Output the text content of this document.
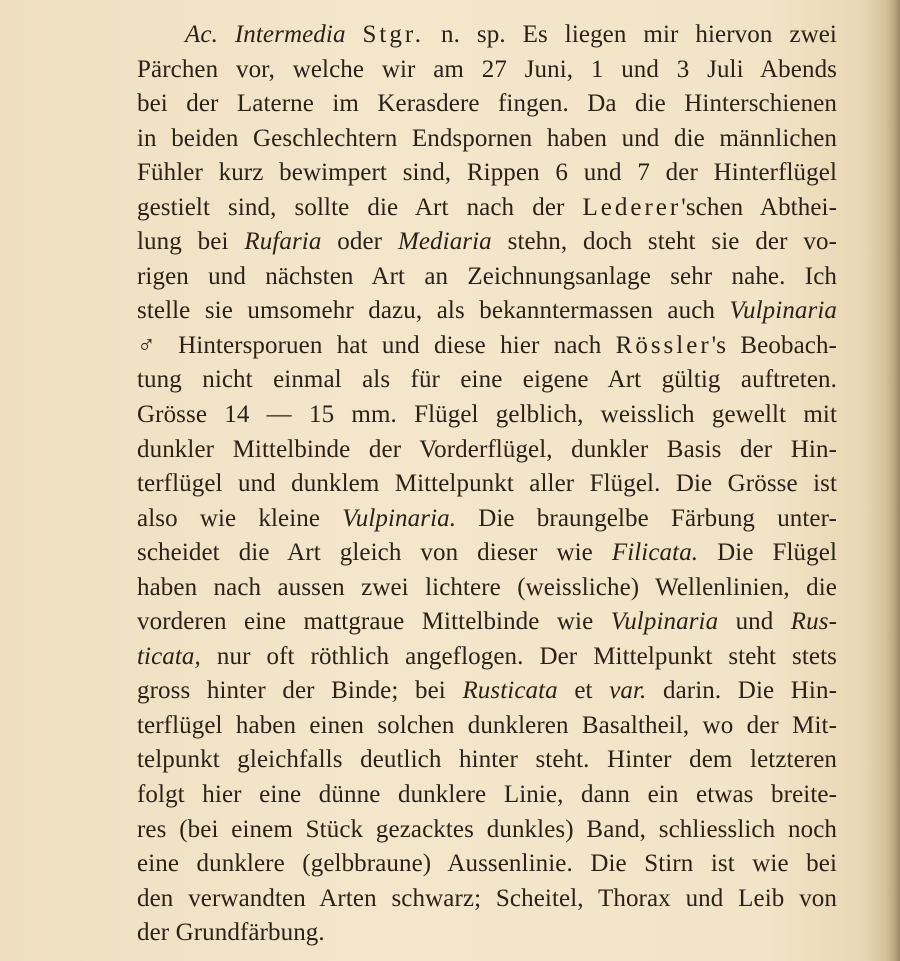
Ac. Intermedia Stgr. n. sp. Es liegen mir hiervon zwei
Pärchen vor, welche wir am 27 Juni, 1 und 3 Juli Abends
bei der Laterne im Kerasdere fingen. Da die Hinterschienen
in beiden Geschlechtern Endspornen haben und die männlichen
Fühler kurz bewimpert sind, Rippen 6 und 7 der Hinterflügel
gestielt sind, sollte die Art nach der Lederer'schen Abthei-
lung bei Rufaria oder Mediaria stehn, doch steht sie der vo-
rigen und nächsten Art an Zeichnungsanlage sehr nahe. Ich
stelle sie umsomehr dazu, als bekanntermassen auch Vulpinaria
♂ Hintersporuen hat und diese hier nach Rössler's Beobach-
tung nicht einmal als für eine eigene Art gültig auftreten.
Grösse 14 — 15 mm. Flügel gelblich, weisslich gewellt mit
dunkler Mittelbinde der Vorderflügel, dunkler Basis der Hin-
terflügel und dunklem Mittelpunkt aller Flügel. Die Grösse ist
also wie kleine Vulpinaria. Die braungelbe Färbung unter-
scheidet die Art gleich von dieser wie Filicata. Die Flügel
haben nach aussen zwei lichtere (weissliche) Wellenlinien, die
vorderen eine mattgraue Mittelbinde wie Vulpinaria und Rus-
ticata, nur oft röthlich angeflogen. Der Mittelpunkt steht stets
gross hinter der Binde; bei Rusticata et var. darin. Die Hin-
terflügel haben einen solchen dunkleren Basaltheil, wo der Mit-
telpunkt gleichfalls deutlich hinter steht. Hinter dem letzteren
folgt hier eine dünne dunklere Linie, dann ein etwas breite-
res (bei einem Stück gezacktes dunkles) Band, schliesslich noch
eine dunklere (gelbbraune) Aussenlinie. Die Stirn ist wie bei
den verwandten Arten schwarz; Scheitel, Thorax und Leib von
der Grundfärbung.
